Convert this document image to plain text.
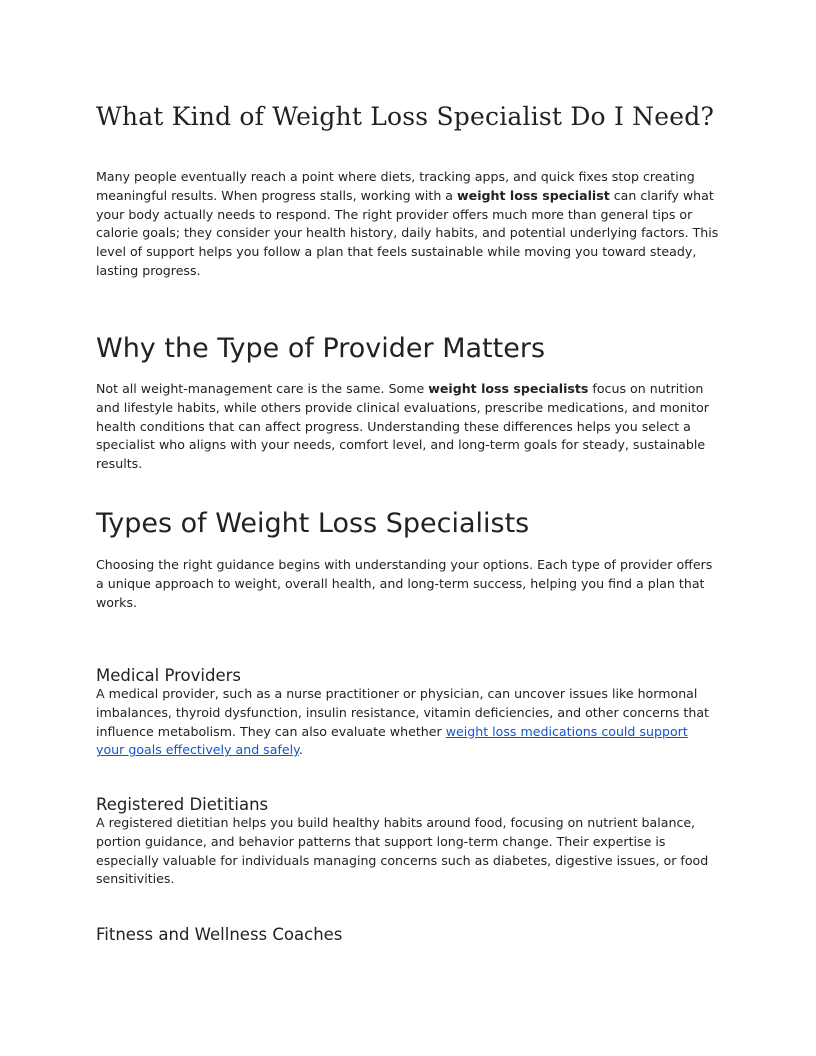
What Kind of Weight Loss Specialist Do I Need?

Many people eventually reach a point where diets, tracking apps, and quick fixes stop creating meaningful results. When progress stalls, working with a weight loss specialist can clarify what your body actually needs to respond. The right provider offers much more than general tips or calorie goals; they consider your health history, daily habits, and potential underlying factors. This level of support helps you follow a plan that feels sustainable while moving you toward steady, lasting progress.

Why the Type of Provider Matters

Not all weight-management care is the same. Some weight loss specialists focus on nutrition and lifestyle habits, while others provide clinical evaluations, prescribe medications, and monitor health conditions that can affect progress. Understanding these differences helps you select a specialist who aligns with your needs, comfort level, and long-term goals for steady, sustainable results.

Types of Weight Loss Specialists

Choosing the right guidance begins with understanding your options. Each type of provider offers a unique approach to weight, overall health, and long-term success, helping you find a plan that works.

Medical Providers

A medical provider, such as a nurse practitioner or physician, can uncover issues like hormonal imbalances, thyroid dysfunction, insulin resistance, vitamin deficiencies, and other concerns that influence metabolism. They can also evaluate whether weight loss medications could support your goals effectively and safely.

Registered Dietitians

A registered dietitian helps you build healthy habits around food, focusing on nutrient balance, portion guidance, and behavior patterns that support long-term change. Their expertise is especially valuable for individuals managing concerns such as diabetes, digestive issues, or food sensitivities.

Fitness and Wellness Coaches
